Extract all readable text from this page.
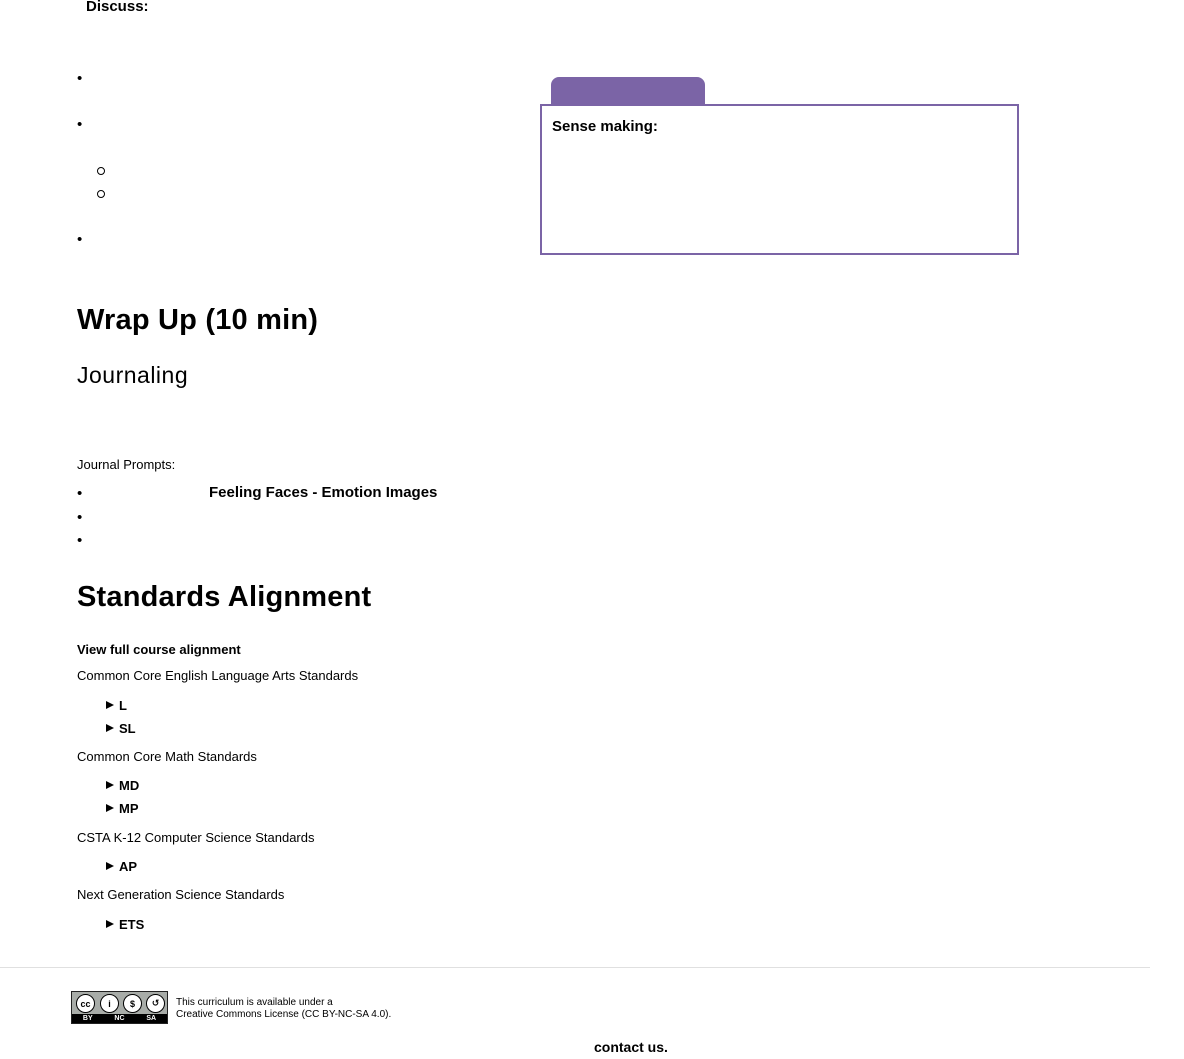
Discuss:
•
•
•
Sense making:
Wrap Up (10 min)
Journaling
Journal Prompts:
•	Feeling Faces - Emotion Images
•
•
Standards Alignment
View full course alignment
Common Core English Language Arts Standards
L
SL
Common Core Math Standards
MD
MP
CSTA K-12 Computer Science Standards
AP
Next Generation Science Standards
ETS
cc	i	$	↺
BY	NC	SA
This curriculum is available under a
Creative Commons License (CC BY-NC-SA 4.0).
contact us.
